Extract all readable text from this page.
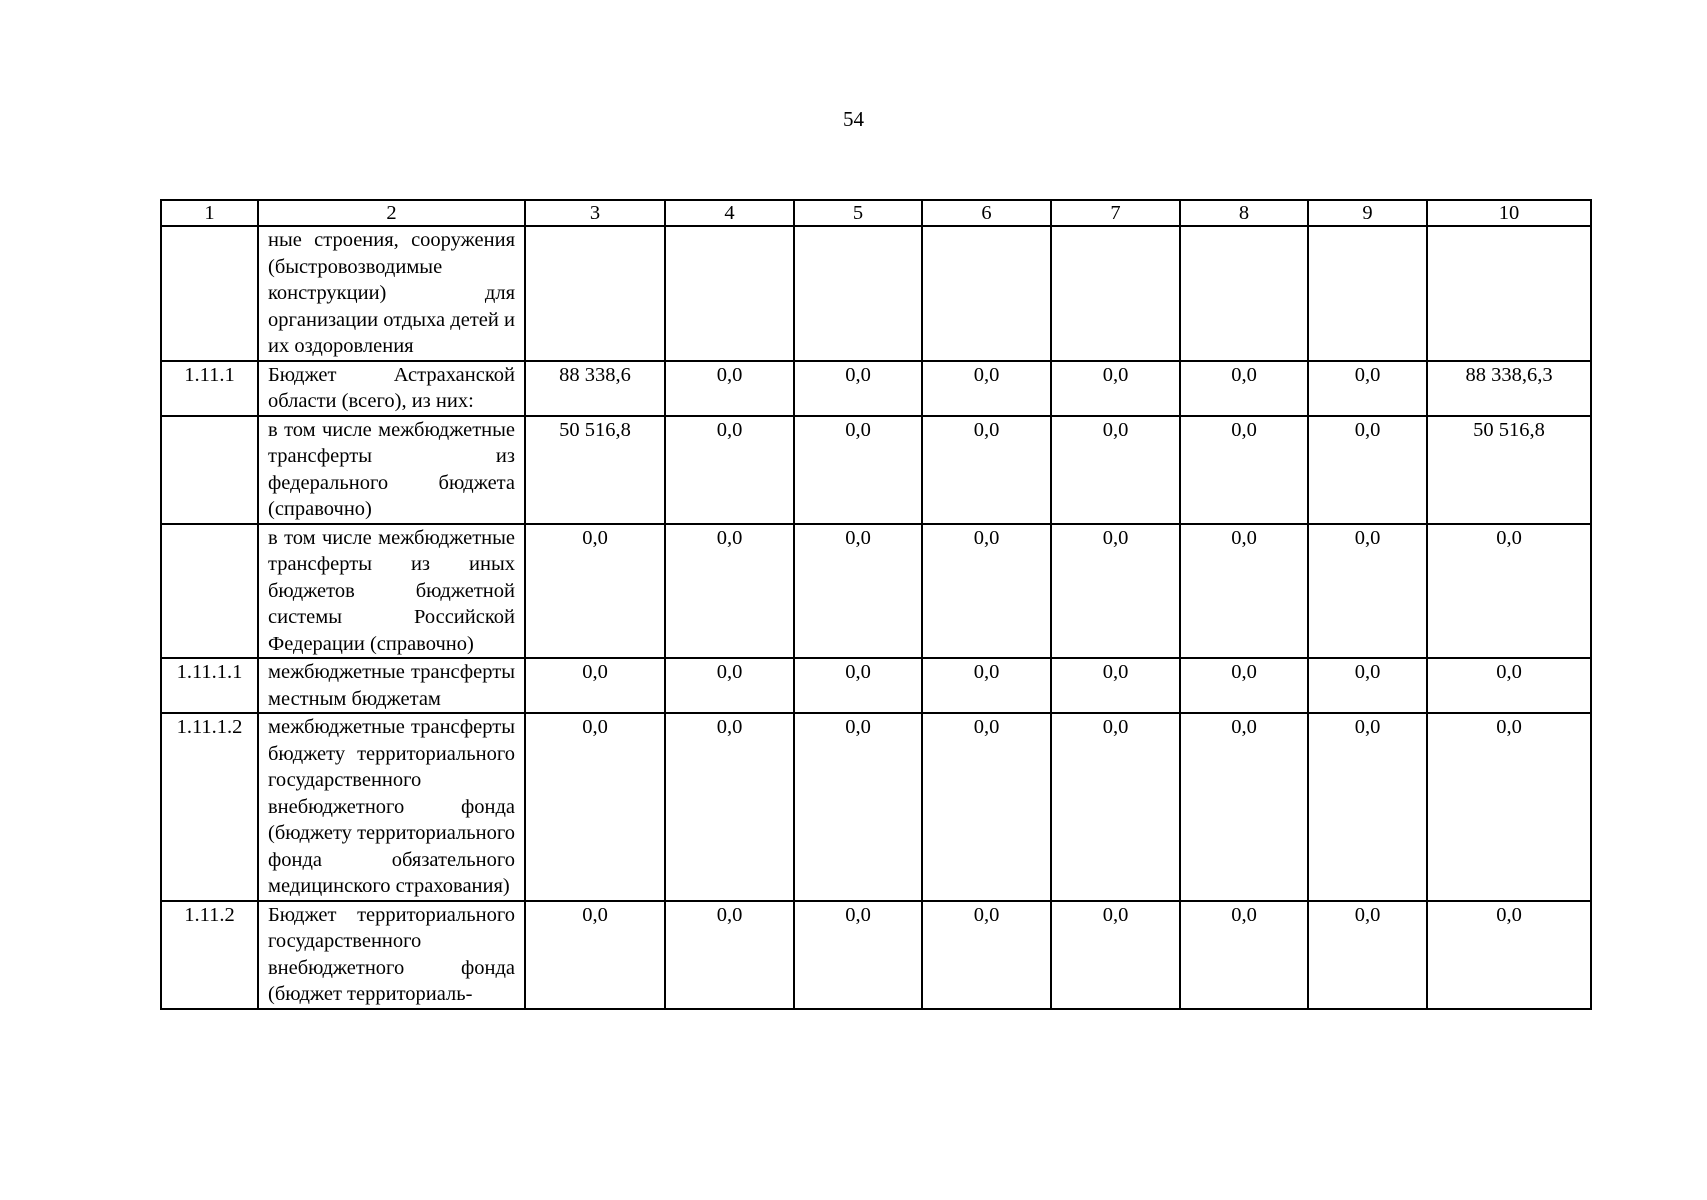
54
1	2	3	4	5	6	7	8	9	10
	ные строения, сооружения (быстровозводимые конструкции) для организации отдыха детей и их оздоровления								
1.11.1	Бюджет Астраханской области (всего), из них:	88 338,6	0,0	0,0	0,0	0,0	0,0	0,0	88 338,6,3
	в том числе межбюджетные трансферты из федерального бюджета (справочно)	50 516,8	0,0	0,0	0,0	0,0	0,0	0,0	50 516,8
	в том числе межбюджетные трансферты из иных бюджетов бюджетной системы Российской Федерации (справочно)	0,0	0,0	0,0	0,0	0,0	0,0	0,0	0,0
1.11.1.1	межбюджетные трансферты местным бюджетам	0,0	0,0	0,0	0,0	0,0	0,0	0,0	0,0
1.11.1.2	межбюджетные трансферты бюджету территориального государственного внебюджетного фонда (бюджету территориального фонда обязательного медицинского страхования)	0,0	0,0	0,0	0,0	0,0	0,0	0,0	0,0
1.11.2	Бюджет территориального государственного внебюджетного фонда (бюджет территориаль-	0,0	0,0	0,0	0,0	0,0	0,0	0,0	0,0
